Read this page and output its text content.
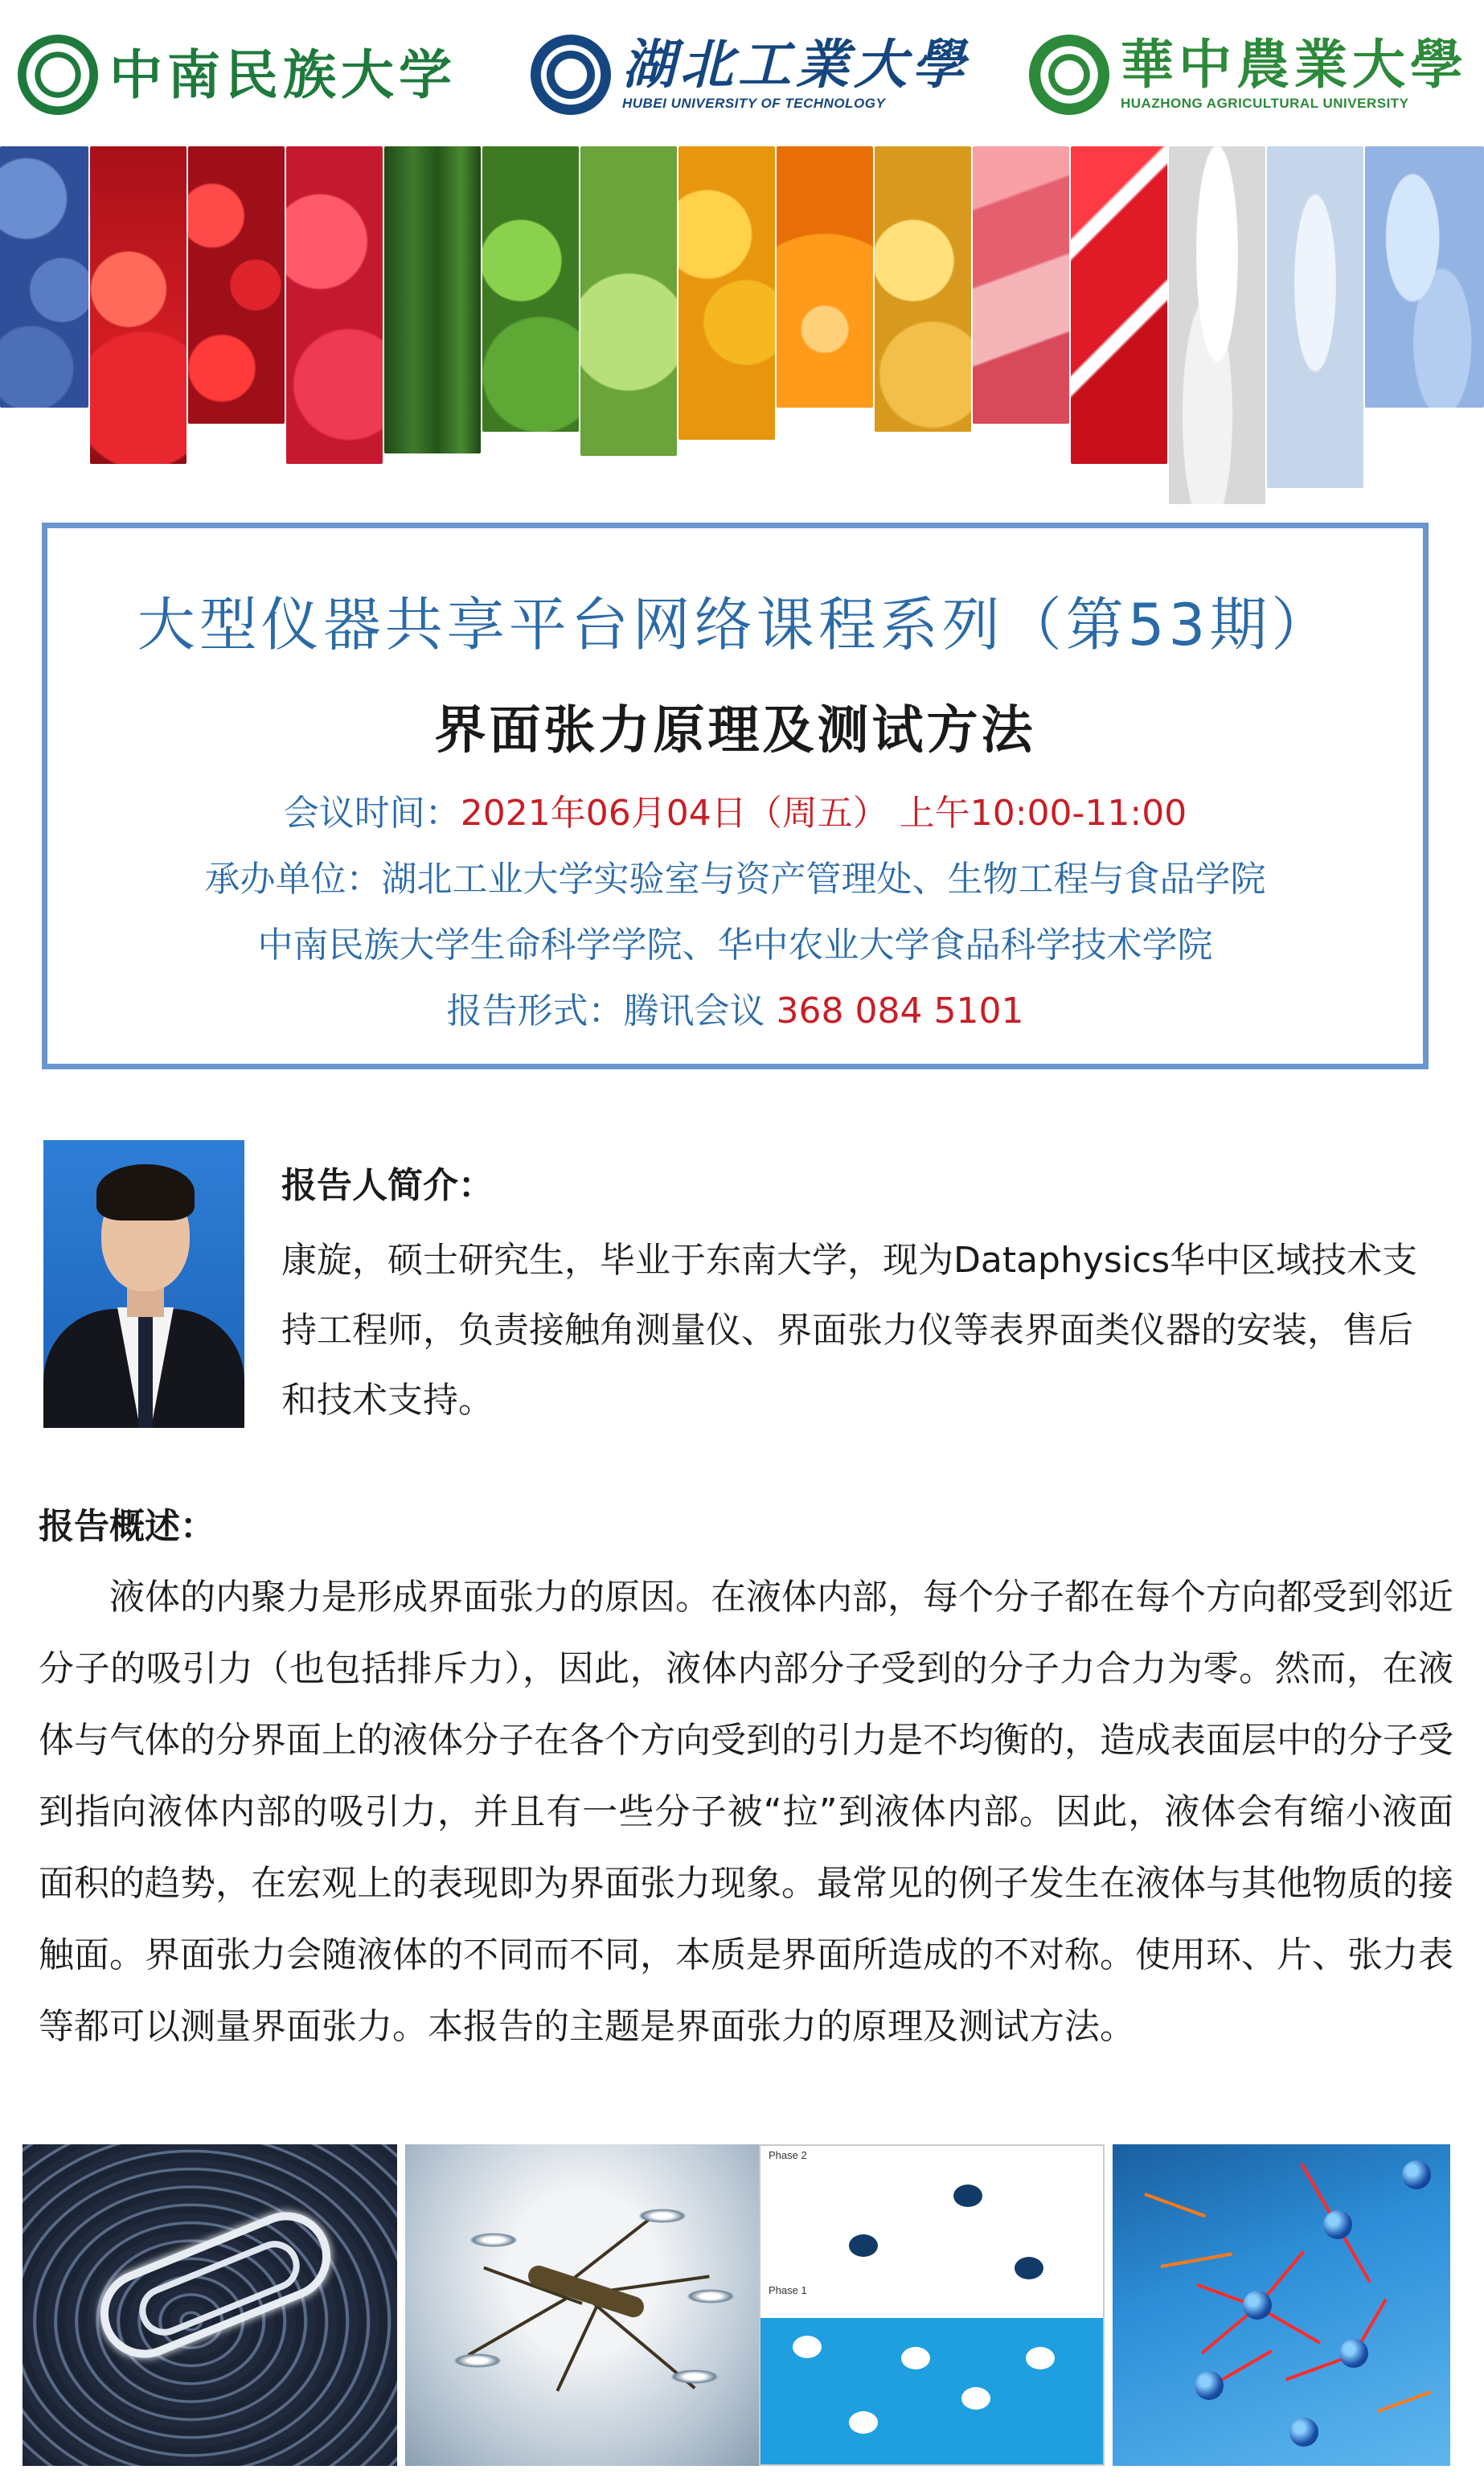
中南民族大学	湖北工業大學
HUBEI UNIVERSITY OF TECHNOLOGY
華中農業大學
HUAZHONG AGRICULTURAL UNIVERSITY
大型仪器共享平台网络课程系列（第53期）
界面张力原理及测试方法
会议时间：2021年06月04日（周五） 上午10:00-11:00
承办单位：湖北工业大学实验室与资产管理处、生物工程与食品学院
中南民族大学生命科学学院、华中农业大学食品科学技术学院
报告形式：腾讯会议 368 084 5101
报告人简介：
康旋，硕士研究生，毕业于东南大学，现为Dataphysics华中区域技术支持工程师，负责接触角测量仪、界面张力仪等表界面类仪器的安装，售后和技术支持。
报告概述：
液体的内聚力是形成界面张力的原因。在液体内部，每个分子都在每个方向都受到邻近分子的吸引力（也包括排斥力），因此，液体内部分子受到的分子力合力为零。然而，在液体与气体的分界面上的液体分子在各个方向受到的引力是不均衡的，造成表面层中的分子受到指向液体内部的吸引力，并且有一些分子被“拉”到液体内部。因此，液体会有缩小液面面积的趋势，在宏观上的表现即为界面张力现象。最常见的例子发生在液体与其他物质的接触面。界面张力会随液体的不同而不同，本质是界面所造成的不对称。使用环、片、张力表等都可以测量界面张力。本报告的主题是界面张力的原理及测试方法。
Phase 2
Phase 1
